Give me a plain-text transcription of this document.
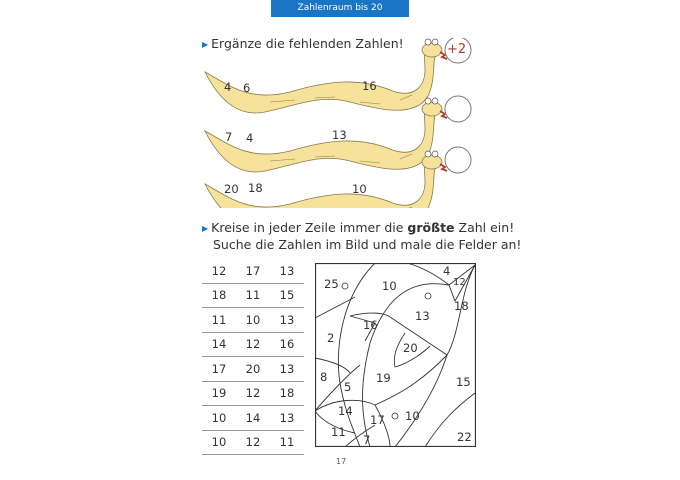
Zahlenraum bis 20
▶ Ergänze die fehlenden Zahlen!
4 6	16
+2
7 4	13
20 18	10
▶ Kreise in jeder Zeile immer die größte Zahl ein!
Suche die Zahlen im Bild und male die Felder an!
12	17	13
18	11	15
11	10	13
14	12	16
17	20	13
19	12	18
10	14	13
10	12	11
25	10
4
12
18
13
16
2
20
8
5
19	15
14
17 10
11
7	22
17
